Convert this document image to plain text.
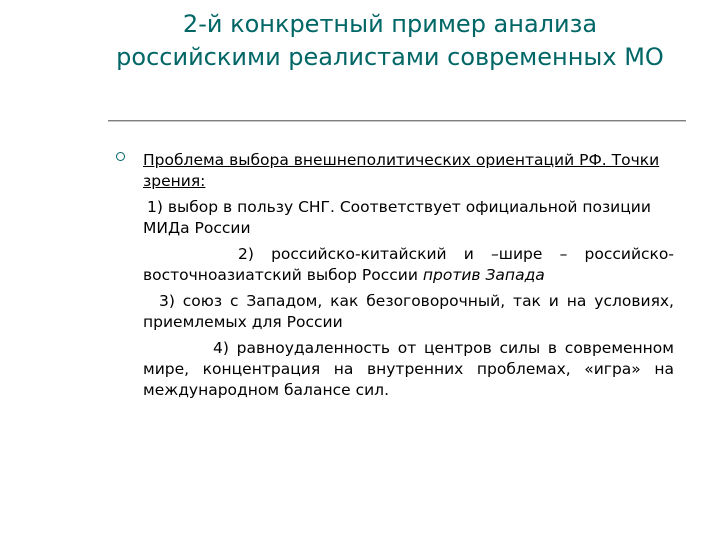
2-й конкретный пример анализа российскими реалистами современных МО

Проблема выбора внешнеполитических ориентаций РФ. Точки зрения:

1) выбор в пользу СНГ. Соответствует официальной позиции МИДа России

2) российско-китайский и –шире – российско-восточноазиатский выбор России против Запада

3) союз с Западом, как безоговорочный, так и на условиях, приемлемых для России

4) равноудаленность от центров силы в современном мире, концентрация на внутренних проблемах, «игра» на международном балансе сил.
